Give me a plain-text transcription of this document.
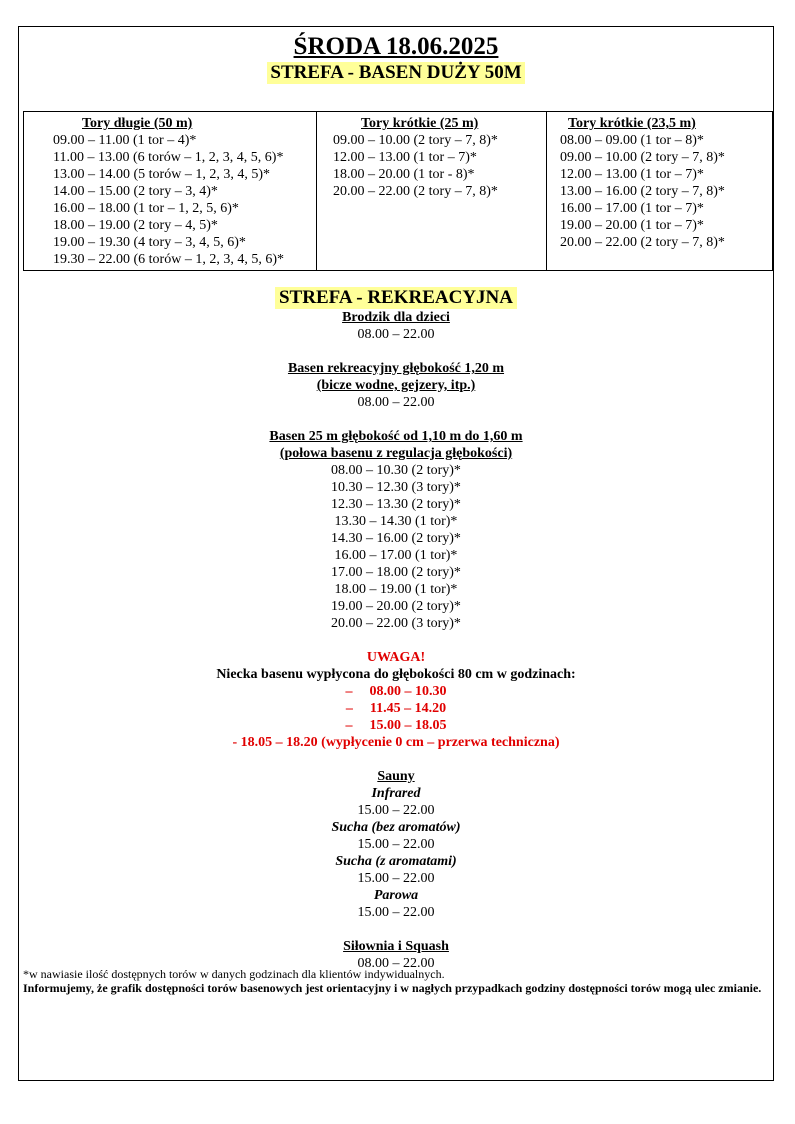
ŚRODA 18.06.2025
STREFA - BASEN DUŻY 50M
Tory długie (50 m)
09.00 – 11.00 (1 tor – 4)*
11.00 – 13.00 (6 torów – 1, 2, 3, 4, 5, 6)*
13.00 – 14.00 (5 torów – 1, 2, 3, 4, 5)*
14.00 – 15.00 (2 tory – 3, 4)*
16.00 – 18.00 (1 tor – 1, 2, 5, 6)*
18.00 – 19.00 (2 tory – 4, 5)*
19.00 – 19.30 (4 tory – 3, 4, 5, 6)*
19.30 – 22.00 (6 torów – 1, 2, 3, 4, 5, 6)*

Tory krótkie (25 m)
09.00 – 10.00 (2 tory – 7, 8)*
12.00 – 13.00 (1 tor – 7)*
18.00 – 20.00 (1 tor - 8)*
20.00 – 22.00 (2 tory – 7, 8)*

Tory krótkie (23,5 m)
08.00 – 09.00 (1 tor – 8)*
09.00 – 10.00 (2 tory – 7, 8)*
12.00 – 13.00 (1 tor – 7)*
13.00 – 16.00 (2 tory – 7, 8)*
16.00 – 17.00 (1 tor – 7)*
19.00 – 20.00 (1 tor – 7)*
20.00 – 22.00 (2 tory – 7, 8)*
STREFA - REKREACYJNA
Brodzik dla dzieci
08.00 – 22.00
Basen rekreacyjny głębokość 1,20 m
(bicze wodne, gejzery, itp.)
08.00 – 22.00
Basen 25 m głębokość od 1,10 m do 1,60 m
(połowa basenu z regulacja głębokości)
08.00 – 10.30 (2 tory)*
10.30 – 12.30 (3 tory)*
12.30 – 13.30 (2 tory)*
13.30 – 14.30 (1 tor)*
14.30 – 16.00 (2 tory)*
16.00 – 17.00 (1 tor)*
17.00 – 18.00 (2 tory)*
18.00 – 19.00 (1 tor)*
19.00 – 20.00 (2 tory)*
20.00 – 22.00 (3 tory)*
UWAGA!
Niecka basenu wypłycona do głębokości 80 cm w godzinach:
– 08.00 – 10.30
– 11.45 – 14.20
– 15.00 – 18.05
- 18.05 – 18.20 (wypłycenie 0 cm – przerwa techniczna)
Sauny
Infrared
15.00 – 22.00
Sucha (bez aromatów)
15.00 – 22.00
Sucha (z aromatami)
15.00 – 22.00
Parowa
15.00 – 22.00
Siłownia i Squash
08.00 – 22.00
*w nawiasie ilość dostępnych torów w danych godzinach dla klientów indywidualnych.
Informujemy, że grafik dostępności torów basenowych jest orientacyjny i w nagłych przypadkach godziny dostępności torów mogą ulec zmianie.
